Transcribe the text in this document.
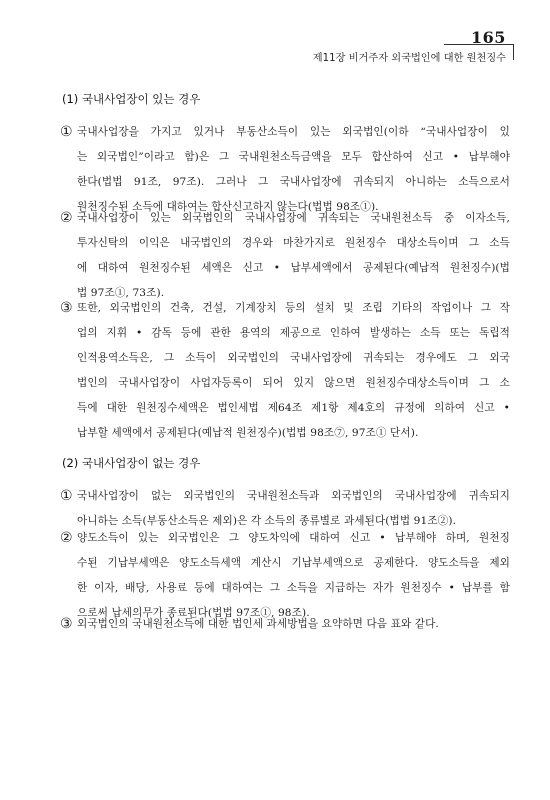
165
제11장 비거주자 외국법인에 대한 원천징수
(1) 국내사업장이 있는 경우
① 국내사업장을 가지고 있거나 부동산소득이 있는 외국법인(이하 “국내사업장이 있
는 외국법인”이라고 함)은 그 국내원천소득금액을 모두 합산하여 신고 • 납부해야
한다(법법 91조, 97조). 그러나 그 국내사업장에 귀속되지 아니하는 소득으로서
원천징수된 소득에 대하여는 합산신고하지 않는다(법법 98조①).
② 국내사업장이 있는 외국법인의 국내사업장에 귀속되는 국내원천소득 중 이자소득,
투자신탁의 이익은 내국법인의 경우와 마찬가지로 원천징수 대상소득이며 그 소득
에 대하여 원천징수된 세액은 신고 • 납부세액에서 공제된다(예납적 원천징수)(법
법 97조①, 73조).
③ 또한, 외국법인의 건축, 건설, 기계장치 등의 설치 및 조립 기타의 작업이나 그 작
업의 지휘 • 감독 등에 관한 용역의 제공으로 인하여 발생하는 소득 또는 독립적
인적용역소득은, 그 소득이 외국법인의 국내사업장에 귀속되는 경우에도 그 외국
법인의 국내사업장이 사업자등록이 되어 있지 않으면 원천징수대상소득이며 그 소
득에 대한 원천징수세액은 법인세법 제64조 제1항 제4호의 규정에 의하여 신고 •
납부할 세액에서 공제된다(예납적 원천징수)(법법 98조⑦, 97조① 단서).
(2) 국내사업장이 없는 경우
① 국내사업장이 없는 외국법인의 국내원천소득과 외국법인의 국내사업장에 귀속되지
아니하는 소득(부동산소득은 제외)은 각 소득의 종류별로 과세된다(법법 91조②).
② 양도소득이 있는 외국법인은 그 양도차익에 대하여 신고 • 납부해야 하며, 원천징
수된 기납부세액은 양도소득세액 계산시 기납부세액으로 공제한다. 양도소득을 제외
한 이자, 배당, 사용료 등에 대하여는 그 소득을 지급하는 자가 원천징수 • 납부를 함
으로써 납세의무가 종료된다(법법 97조①, 98조).
③ 외국법인의 국내원천소득에 대한 법인세 과세방법을 요약하면 다음 표와 같다.
